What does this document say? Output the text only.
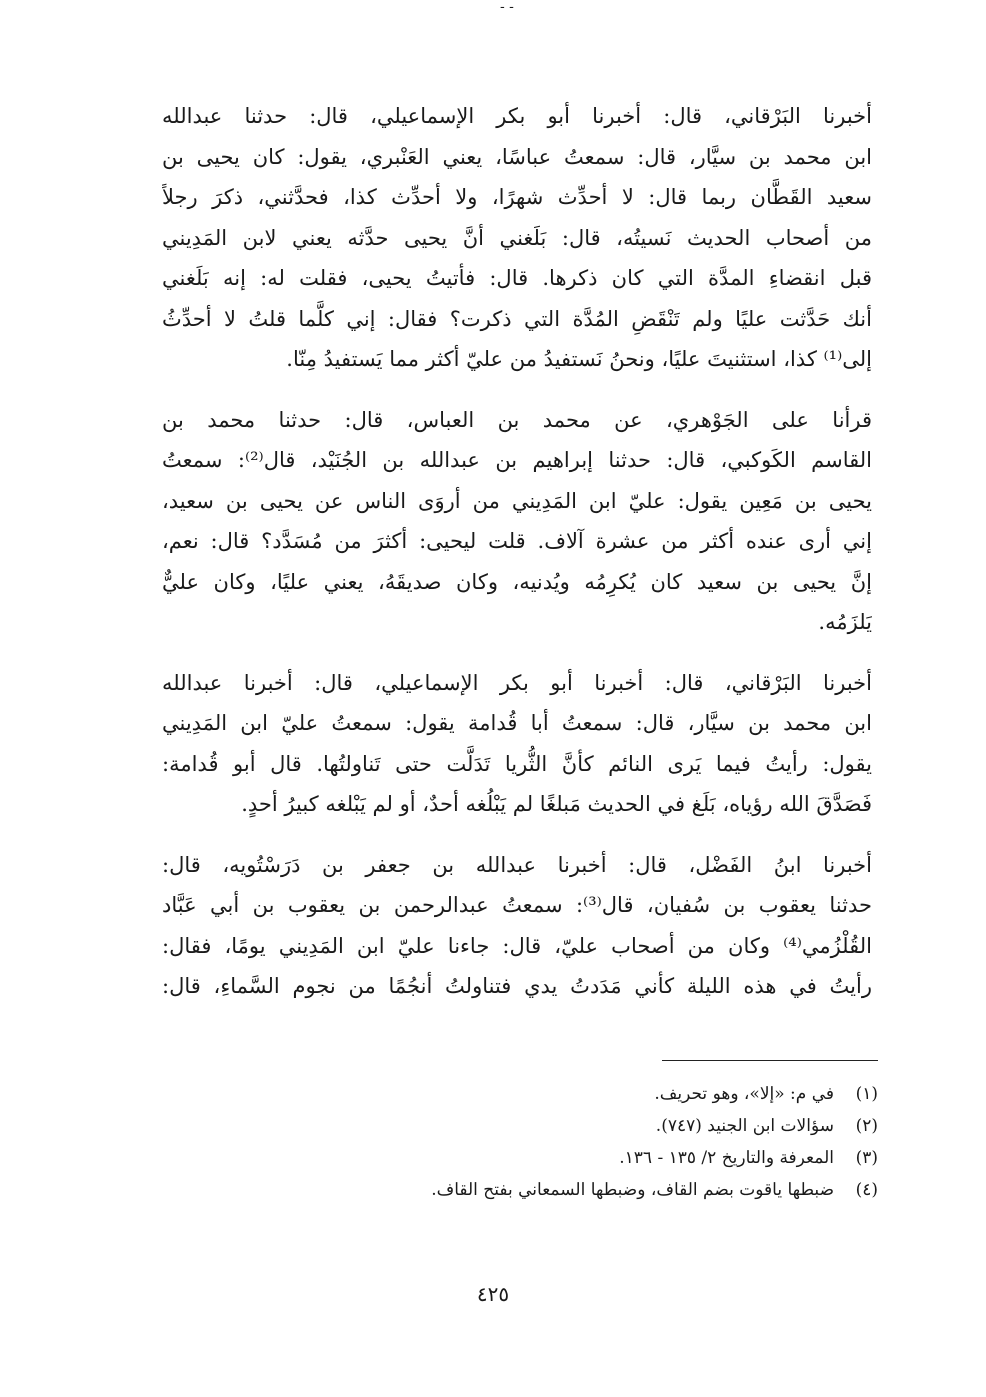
- -
أخبرنا البَرْقاني، قال: أخبرنا أبو بكر الإسماعيلي، قال: حدثنا عبدالله
ابن محمد بن سيَّار، قال: سمعتُ عباسًا، يعني العَنْبري، يقول: كان يحيى بن
سعيد القَطَّان ربما قال: لا أحدِّث شهرًا، ولا أحدِّث كذا، فحدَّثني، ذكرَ رجلاً
من أصحاب الحديث نَسيتُه، قال: بَلَغني أنَّ يحيى حدَّثه يعني لابن المَدِيني
قبل انقضاءِ المدَّة التي كان ذكرها. قال: فأتيتُ يحيى، فقلت له: إنه بَلَغني
أنك حَدَّثت عليًا ولم تَنْقَضِ المُدَّة التي ذكرت؟ فقال: إني كلَّما قلتُ لا أحدِّثُ
إلى⁽¹⁾ كذا، استثنيتَ عليًا، ونحنُ نَستفيدُ من عليّ أكثر مما يَستفيدُ مِنّا.
قرأنا على الجَوْهري، عن محمد بن العباس، قال: حدثنا محمد بن
القاسم الكَوكبي، قال: حدثنا إبراهيم بن عبدالله بن الجُنَيْد، قال⁽²⁾: سمعتُ
يحيى بن مَعِين يقول: عليّ ابن المَدِيني من أروَى الناس عن يحيى بن سعيد،
إني أرى عنده أكثر من عشرة آلاف. قلت ليحيى: أكثرَ من مُسَدَّد؟ قال: نعم،
إنَّ يحيى بن سعيد كان يُكرِمُه ويُدنيه، وكان صديقَهُ، يعني عليًا، وكان عليٌّ
يَلزَمُه.
أخبرنا البَرْقاني، قال: أخبرنا أبو بكر الإسماعيلي، قال: أخبرنا عبدالله
ابن محمد بن سيَّار، قال: سمعتُ أبا قُدامة يقول: سمعتُ عليّ ابن المَدِيني
يقول: رأيتُ فيما يَرى النائم كأنَّ الثُّريا تَدَلَّت حتى تَناولتُها. قال أبو قُدامة:
فَصَدَّقَ الله رؤياه، بَلَغ في الحديث مَبلغًا لم يَبْلُغه أحدٌ، أو لم يَبْلغه كبيرُ أحدٍ.
أخبرنا ابنُ الفَضْل، قال: أخبرنا عبدالله بن جعفر بن دَرَسْتُويه، قال:
حدثنا يعقوب بن سُفيان، قال⁽³⁾: سمعتُ عبدالرحمن بن يعقوب بن أبي عَبَّاد
القُلْزُمي⁽⁴⁾ وكان من أصحاب عليّ، قال: جاءنا عليّ ابن المَدِيني يومًا، فقال:
رأيتُ في هذه الليلة كأني مَدَدتُ يدي فتناولتُ أنجُمًا من نجوم السَّماءِ، قال:
(١)
في م: «إلا»، وهو تحريف.
(٢)
سؤالات ابن الجنيد (٧٤٧).
(٣)
المعرفة والتاريخ ٢/ ١٣٥ - ١٣٦.
(٤)
ضبطها ياقوت بضم القاف، وضبطها السمعاني بفتح القاف.
٤٢٥
